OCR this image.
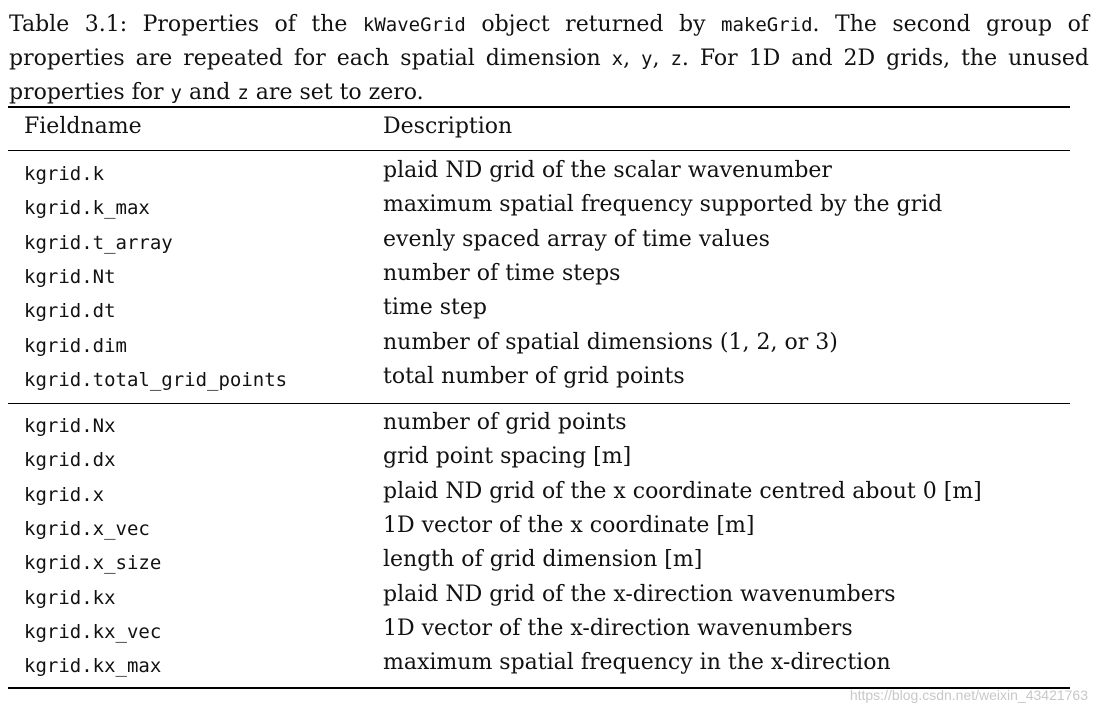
Table 3.1: Properties of the kWaveGrid object returned by makeGrid. The second group of properties are repeated for each spatial dimension x, y, z. For 1D and 2D grids, the unused properties for y and z are set to zero.
Fieldname	Description
kgrid.k	plaid ND grid of the scalar wavenumber
kgrid.k_max	maximum spatial frequency supported by the grid
kgrid.t_array	evenly spaced array of time values
kgrid.Nt	number of time steps
kgrid.dt	time step
kgrid.dim	number of spatial dimensions (1, 2, or 3)
kgrid.total_grid_points	total number of grid points
kgrid.Nx	number of grid points
kgrid.dx	grid point spacing [m]
kgrid.x	plaid ND grid of the x coordinate centred about 0 [m]
kgrid.x_vec	1D vector of the x coordinate [m]
kgrid.x_size	length of grid dimension [m]
kgrid.kx	plaid ND grid of the x-direction wavenumbers
kgrid.kx_vec	1D vector of the x-direction wavenumbers
kgrid.kx_max	maximum spatial frequency in the x-direction
https://blog.csdn.net/weixin_43421763
